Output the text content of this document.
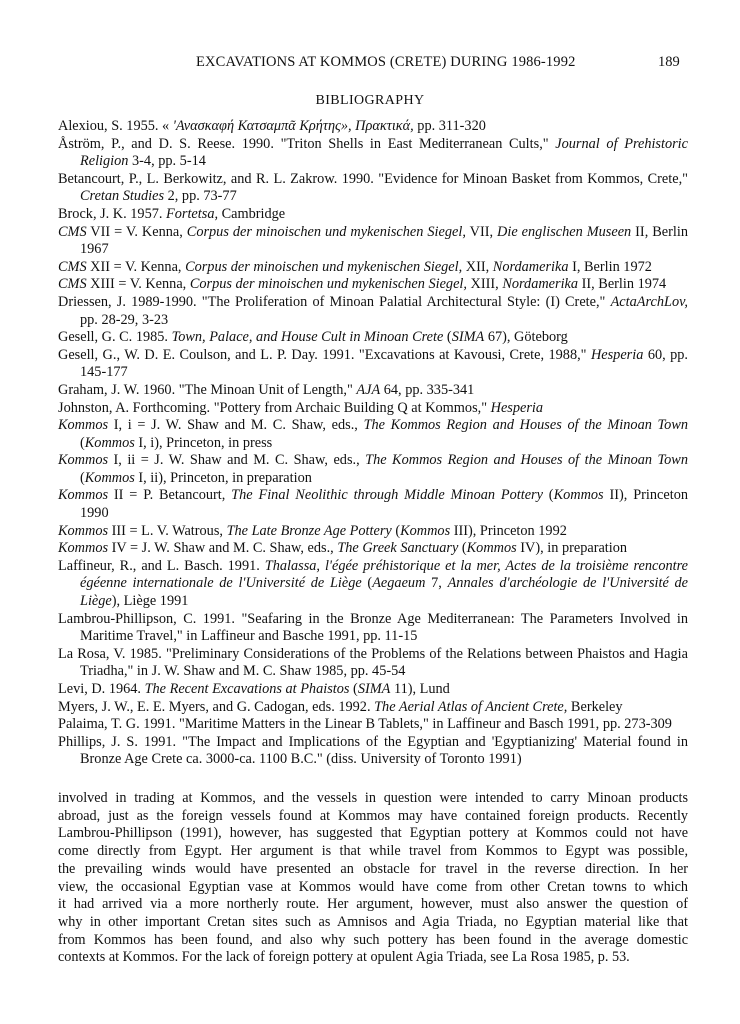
EXCAVATIONS AT KOMMOS (CRETE) DURING 1986-1992	189
BIBLIOGRAPHY
Alexiou, S. 1955. « 'Ανασκαφή Κατσαμπᾶ Κρήτης», Πρακτικά, pp. 311-320
Åström, P., and D. S. Reese. 1990. "Triton Shells in East Mediterranean Cults," Journal of Prehistoric Religion 3-4, pp. 5-14
Betancourt, P., L. Berkowitz, and R. L. Zakrow. 1990. "Evidence for Minoan Basket from Kommos, Crete," Cretan Studies 2, pp. 73-77
Brock, J. K. 1957. Fortetsa, Cambridge
CMS VII = V. Kenna, Corpus der minoischen und mykenischen Siegel, VII, Die englischen Museen II, Berlin 1967
CMS XII = V. Kenna, Corpus der minoischen und mykenischen Siegel, XII, Nordamerika I, Berlin 1972
CMS XIII = V. Kenna, Corpus der minoischen und mykenischen Siegel, XIII, Nordamerika II, Berlin 1974
Driessen, J. 1989-1990. "The Proliferation of Minoan Palatial Architectural Style: (I) Crete," ActaArchLov, pp. 28-29, 3-23
Gesell, G. C. 1985. Town, Palace, and House Cult in Minoan Crete (SIMA 67), Göteborg
Gesell, G., W. D. E. Coulson, and L. P. Day. 1991. "Excavations at Kavousi, Crete, 1988," Hesperia 60, pp. 145-177
Graham, J. W. 1960. "The Minoan Unit of Length," AJA 64, pp. 335-341
Johnston, A. Forthcoming. "Pottery from Archaic Building Q at Kommos," Hesperia
Kommos I, i = J. W. Shaw and M. C. Shaw, eds., The Kommos Region and Houses of the Minoan Town (Kommos I, i), Princeton, in press
Kommos I, ii = J. W. Shaw and M. C. Shaw, eds., The Kommos Region and Houses of the Minoan Town (Kommos I, ii), Princeton, in preparation
Kommos II = P. Betancourt, The Final Neolithic through Middle Minoan Pottery (Kommos II), Princeton 1990
Kommos III = L. V. Watrous, The Late Bronze Age Pottery (Kommos III), Princeton 1992
Kommos IV = J. W. Shaw and M. C. Shaw, eds., The Greek Sanctuary (Kommos IV), in preparation
Laffineur, R., and L. Basch. 1991. Thalassa, l'égée préhistorique et la mer, Actes de la troisième rencontre égéenne internationale de l'Université de Liège (Aegaeum 7, Annales d'archéologie de l'Université de Liège), Liège 1991
Lambrou-Phillipson, C. 1991. "Seafaring in the Bronze Age Mediterranean: The Parameters Involved in Maritime Travel," in Laffineur and Basche 1991, pp. 11-15
La Rosa, V. 1985. "Preliminary Considerations of the Problems of the Relations between Phaistos and Hagia Triadha," in J. W. Shaw and M. C. Shaw 1985, pp. 45-54
Levi, D. 1964. The Recent Excavations at Phaistos (SIMA 11), Lund
Myers, J. W., E. E. Myers, and G. Cadogan, eds. 1992. The Aerial Atlas of Ancient Crete, Berkeley
Palaima, T. G. 1991. "Maritime Matters in the Linear B Tablets," in Laffineur and Basch 1991, pp. 273-309
Phillips, J. S. 1991. "The Impact and Implications of the Egyptian and 'Egyptianizing' Material found in Bronze Age Crete ca. 3000-ca. 1100 B.C." (diss. University of Toronto 1991)
involved in trading at Kommos, and the vessels in question were intended to carry Minoan products
abroad, just as the foreign vessels found at Kommos may have contained foreign products. Recently
Lambrou-Phillipson (1991), however, has suggested that Egyptian pottery at Kommos could not have
come directly from Egypt. Her argument is that while travel from Kommos to Egypt was possible,
the prevailing winds would have presented an obstacle for travel in the reverse direction. In her
view, the occasional Egyptian vase at Kommos would have come from other Cretan towns to which
it had arrived via a more northerly route. Her argument, however, must also answer the question of
why in other important Cretan sites such as Amnisos and Agia Triada, no Egyptian material like that
from Kommos has been found, and also why such pottery has been found in the average domestic
contexts at Kommos. For the lack of foreign pottery at opulent Agia Triada, see La Rosa 1985, p. 53.
